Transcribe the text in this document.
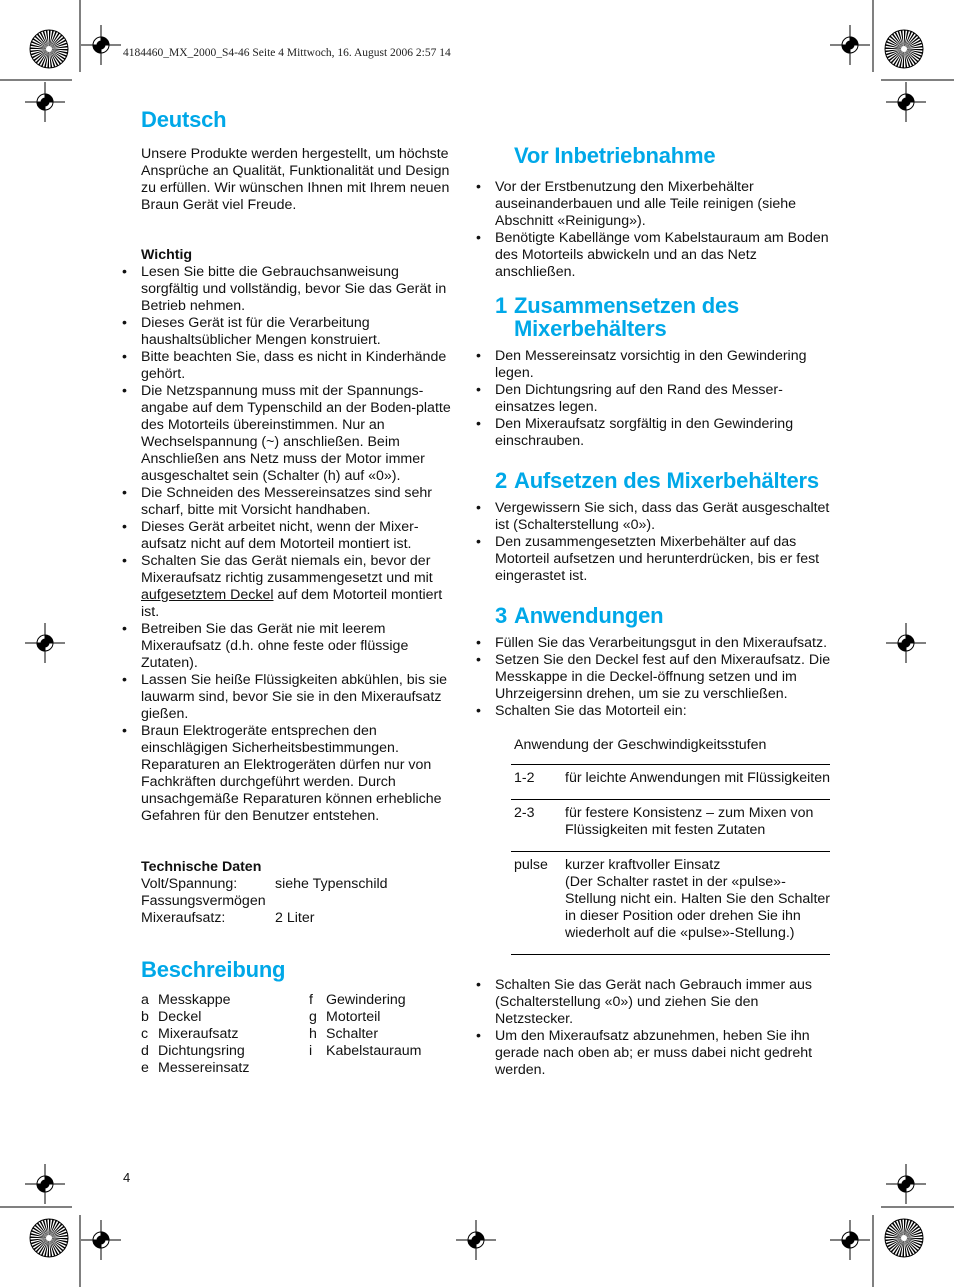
4184460_MX_2000_S4-46 Seite 4 Mittwoch, 16. August 2006 2:57 14
Deutsch

Unsere Produkte werden hergestellt, um höchste Ansprüche an Qualität, Funktionalität und Design zu erfüllen. Wir wünschen Ihnen mit Ihrem neuen Braun Gerät viel Freude.

Wichtig

• Lesen Sie bitte die Gebrauchsanweisung sorgfältig und vollständig, bevor Sie das Gerät in Betrieb nehmen.
• Dieses Gerät ist für die Verarbeitung haushaltsüblicher Mengen konstruiert.
• Bitte beachten Sie, dass es nicht in Kinderhände gehört.
• Die Netzspannung muss mit der Spannungs-angabe auf dem Typenschild an der Boden-platte des Motorteils übereinstimmen. Nur an Wechselspannung (~) anschließen. Beim Anschließen ans Netz muss der Motor immer ausgeschaltet sein (Schalter (h) auf «0»).
• Die Schneiden des Messereinsatzes sind sehr scharf, bitte mit Vorsicht handhaben.
• Dieses Gerät arbeitet nicht, wenn der Mixer-aufsatz nicht auf dem Motorteil montiert ist.
• Schalten Sie das Gerät niemals ein, bevor der Mixeraufsatz richtig zusammengesetzt und mit aufgesetztem Deckel auf dem Motorteil montiert ist.
• Betreiben Sie das Gerät nie mit leerem Mixeraufsatz (d.h. ohne feste oder flüssige Zutaten).
• Lassen Sie heiße Flüssigkeiten abkühlen, bis sie lauwarm sind, bevor Sie sie in den Mixeraufsatz gießen.
• Braun Elektrogeräte entsprechen den einschlägigen Sicherheitsbestimmungen. Reparaturen an Elektrogeräten dürfen nur von Fachkräften durchgeführt werden. Durch unsachgemäße Reparaturen können erhebliche Gefahren für den Benutzer entstehen.

Technische Daten

Volt/Spannung:	siehe Typenschild
Fassungsvermögen
Mixeraufsatz:	2 Liter
Beschreibung
a Messkappe	f Gewindering
b Deckel	g Motorteil
c Mixeraufsatz	h Schalter
d Dichtungsring	i Kabelstauraum
e Messereinsatz
Vor Inbetriebnahme
• Vor der Erstbenutzung den Mixerbehälter auseinanderbauen und alle Teile reinigen (siehe Abschnitt «Reinigung»).
• Benötigte Kabellänge vom Kabelstauraum am Boden des Motorteils abwickeln und an das Netz anschließen.
1 Zusammensetzen des
Mixerbehälters
• Den Messereinsatz vorsichtig in den Gewindering legen.
• Den Dichtungsring auf den Rand des Messer-einsatzes legen.
• Den Mixeraufsatz sorgfältig in den Gewindering einschrauben.
2 Aufsetzen des Mixerbehälters
• Vergewissern Sie sich, dass das Gerät ausgeschaltet ist (Schalterstellung «0»).
• Den zusammengesetzten Mixerbehälter auf das Motorteil aufsetzen und herunterdrücken, bis er fest eingerastet ist.
3 Anwendungen
• Füllen Sie das Verarbeitungsgut in den Mixeraufsatz.
• Setzen Sie den Deckel fest auf den Mixeraufsatz. Die Messkappe in die Deckel-öffnung setzen und im Uhrzeigersinn drehen, um sie zu verschließen.
• Schalten Sie das Motorteil ein:

Anwendung der Geschwindigkeitsstufen

1-2	für leichte Anwendungen mit Flüssigkeiten
2-3	für festere Konsistenz – zum Mixen von Flüssigkeiten mit festen Zutaten
pulse	kurzer kraftvoller Einsatz
(Der Schalter rastet in der «pulse»-Stellung nicht ein. Halten Sie den Schalter in dieser Position oder drehen Sie ihn wiederholt auf die «pulse»-Stellung.)
• Schalten Sie das Gerät nach Gebrauch immer aus (Schalterstellung «0») und ziehen Sie den Netzstecker.
• Um den Mixeraufsatz abzunehmen, heben Sie ihn gerade nach oben ab; er muss dabei nicht gedreht werden.
4
